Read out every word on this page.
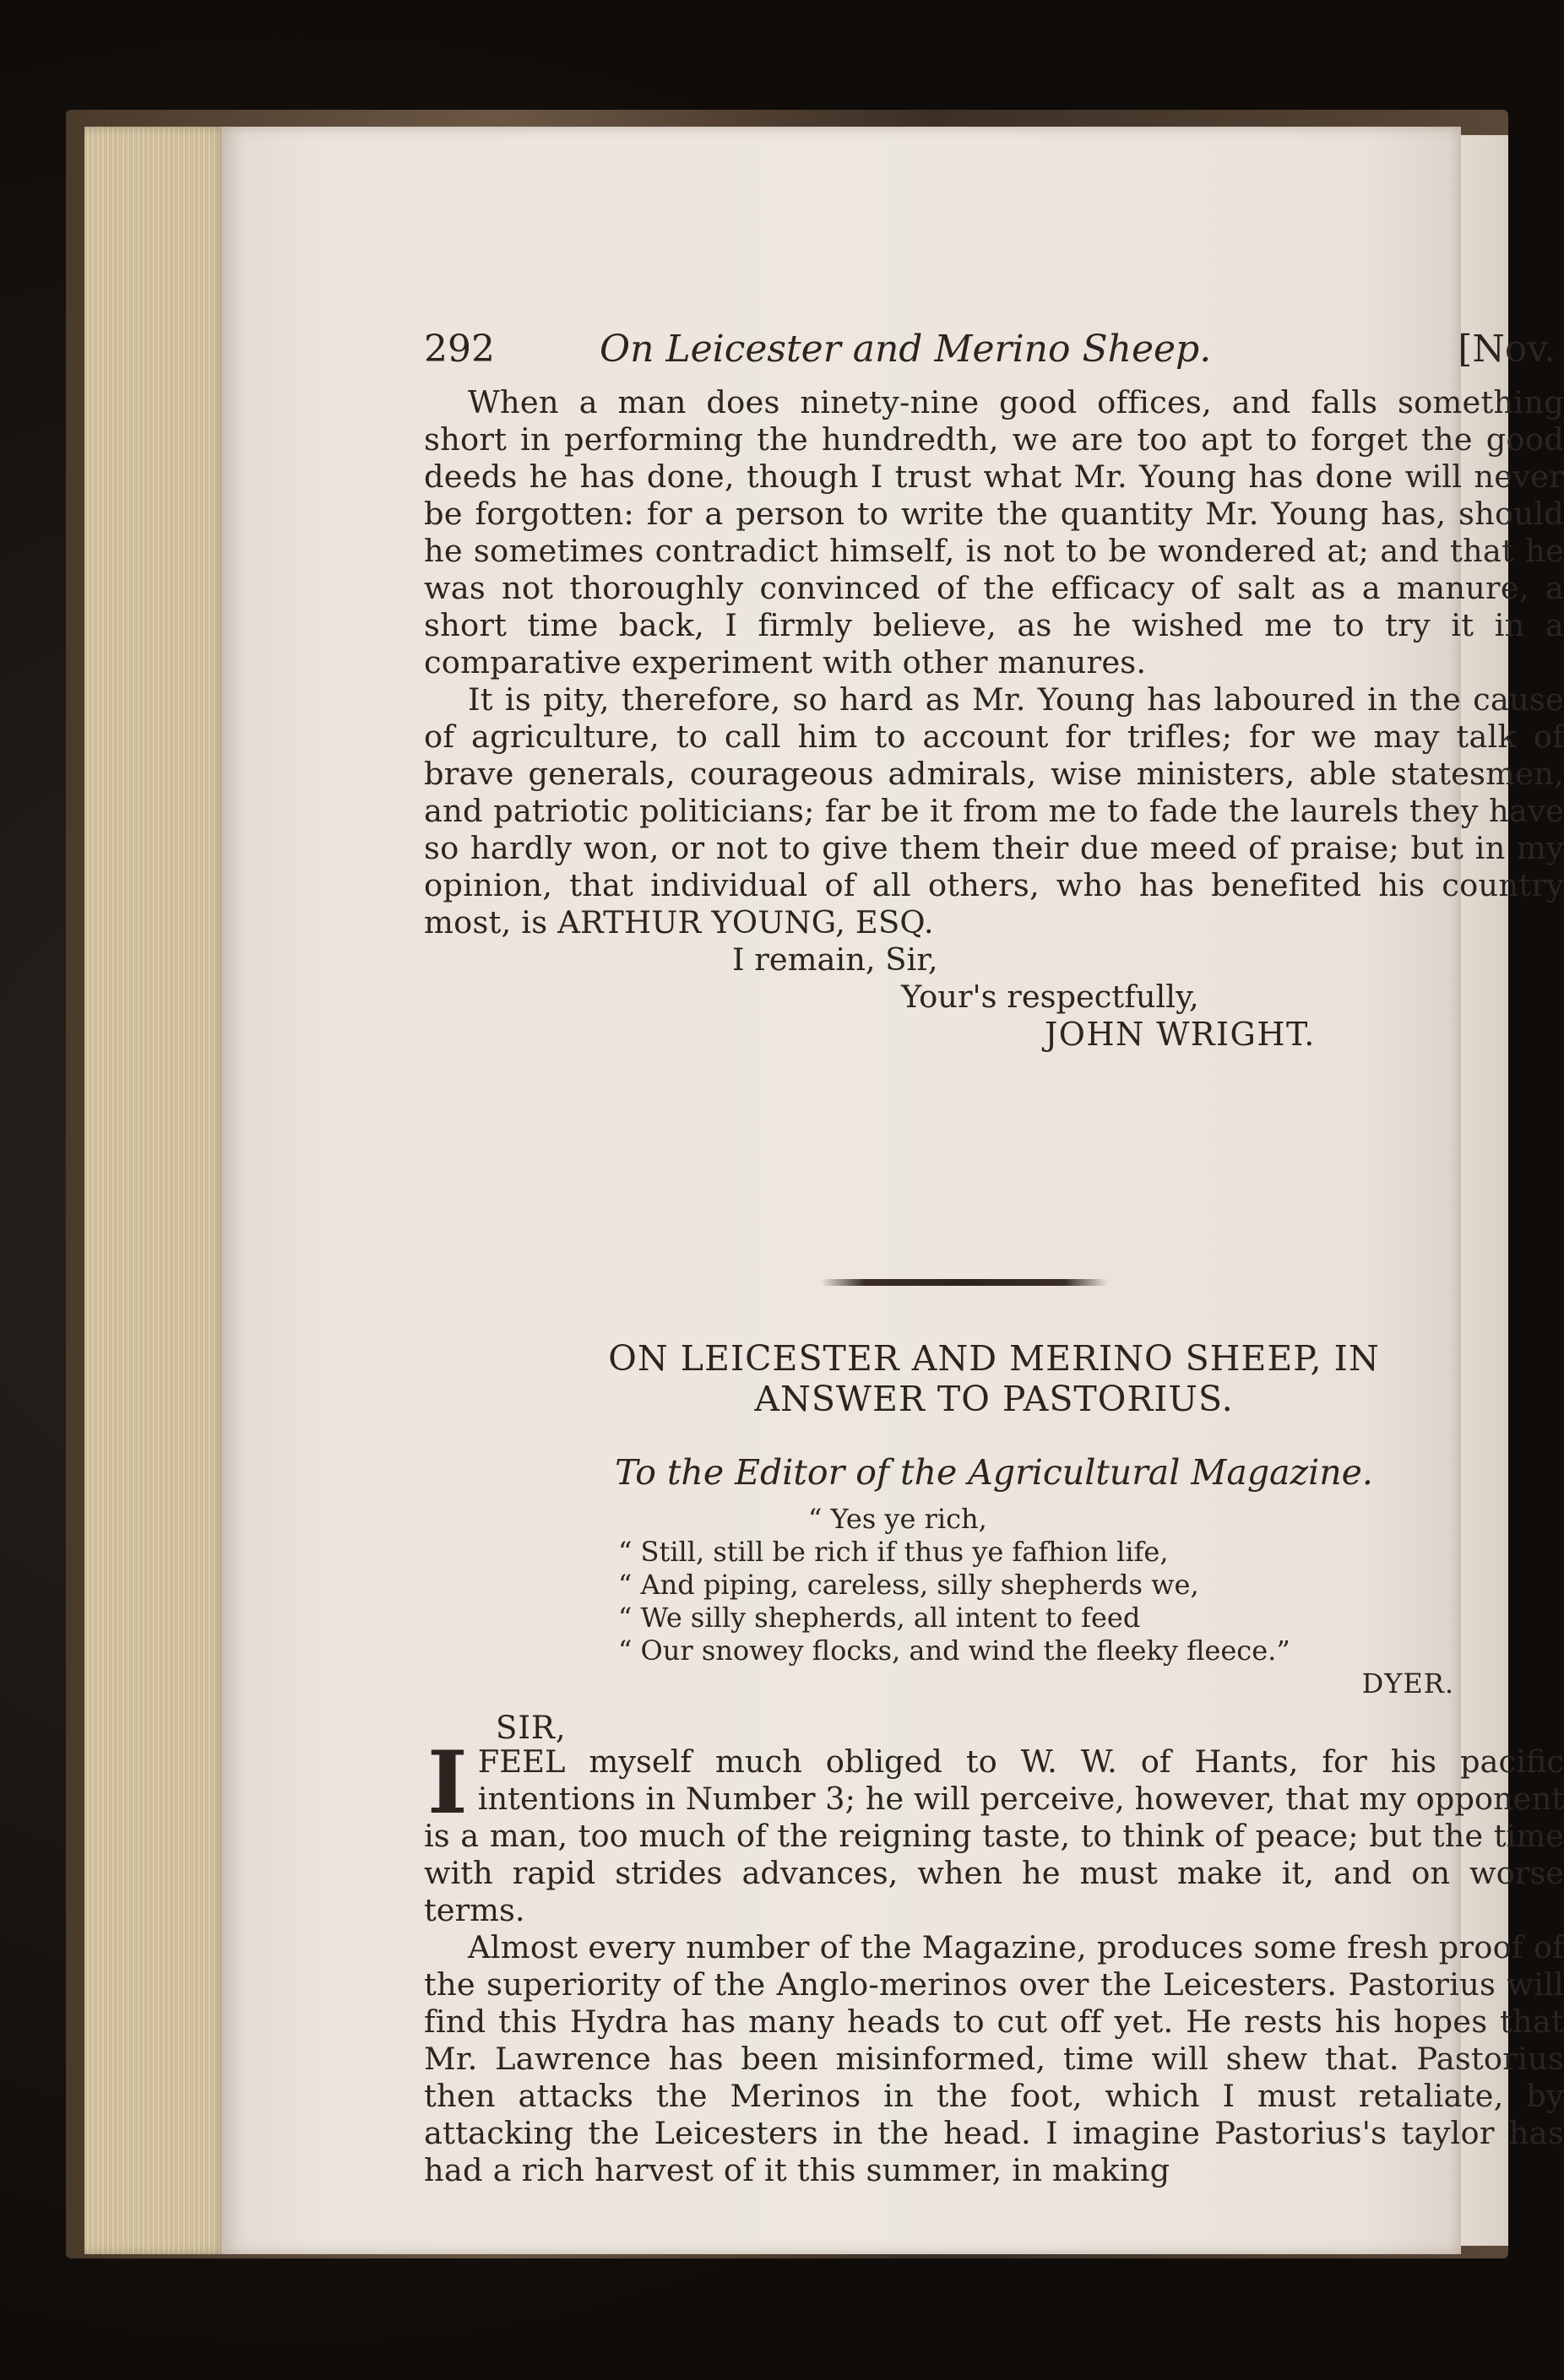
292	On Leicester and Merino Sheep.	[Nov.

When a man does ninety-nine good offices, and falls something short in performing the hundredth, we are too apt to forget the good deeds he has done, though I trust what Mr. Young has done will never be forgotten: for a person to write the quantity Mr. Young has, should he sometimes contradict himself, is not to be wondered at; and that he was not thoroughly convinced of the efficacy of salt as a manure, a short time back, I firmly believe, as he wished me to try it in a comparative experiment with other manures.

It is pity, therefore, so hard as Mr. Young has laboured in the cause of agriculture, to call him to account for trifles; for we may talk of brave generals, courageous admirals, wise ministers, able statesmen, and patriotic politicians; far be it from me to fade the laurels they have so hardly won, or not to give them their due meed of praise; but in my opinion, that individual of all others, who has benefited his country most, is ARTHUR YOUNG, ESQ.

I remain, Sir,
Your's respectfully,
JOHN WRIGHT.

ON LEICESTER AND MERINO SHEEP, IN
ANSWER TO PASTORIUS.
To the Editor of the Agricultural Magazine.
“ Yes ye rich,
“ Still, still be rich if thus ye fafhion life,
“ And piping, careless, silly shepherds we,
“ We silly shepherds, all intent to feed
“ Our snowey flocks, and wind the fleeky fleece.”
DYER.
SIR,
I FEEL myself much obliged to W. W. of Hants, for his pacific intentions in Number 3; he will perceive, however, that my opponent is a man, too much of the reigning taste, to think of peace; but the time with rapid strides advances, when he must make it, and on worse terms.

Almost every number of the Magazine, produces some fresh proof of the superiority of the Anglo-merinos over the Leicesters. Pastorius will find this Hydra has many heads to cut off yet. He rests his hopes that Mr. Lawrence has been misinformed, time will shew that. Pastorius then attacks the Merinos in the foot, which I must retaliate, by attacking the Leicesters in the head. I imagine Pastorius's taylor has had a rich harvest of it this summer, in making
